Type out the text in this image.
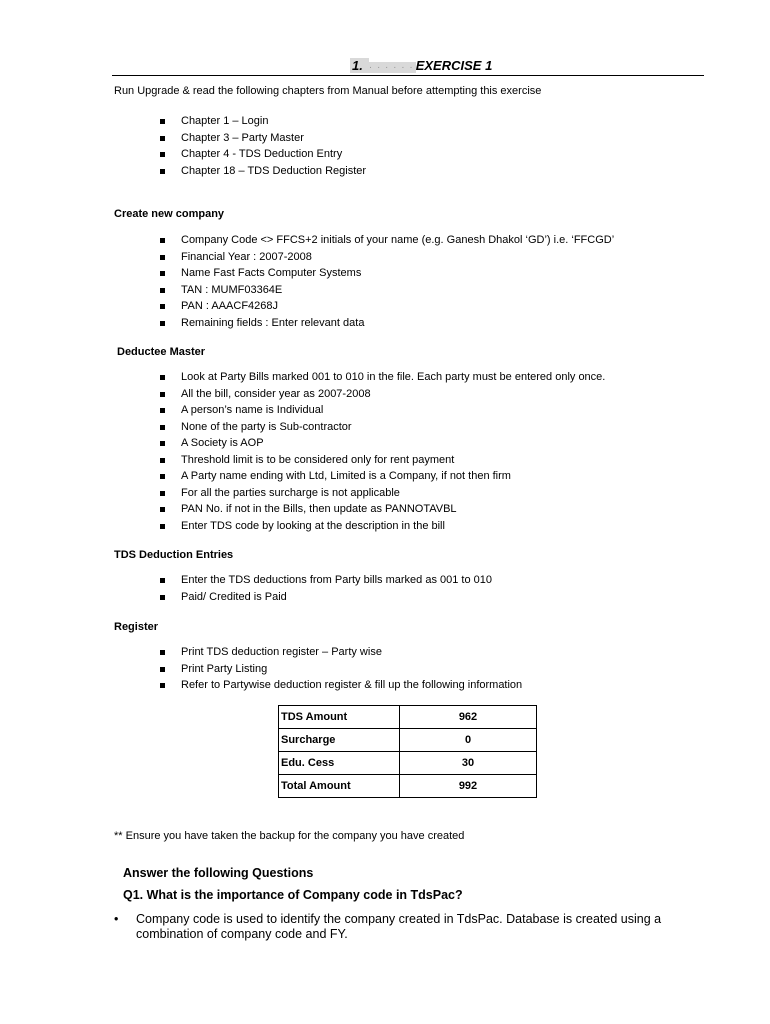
1. · · · · · · EXERCISE 1
Run Upgrade & read the following chapters from Manual before attempting this exercise
Chapter 1 – Login
Chapter 3 – Party Master
Chapter 4 - TDS Deduction Entry
Chapter 18 – TDS Deduction Register
Create new company
Company Code <> FFCS+2 initials of your name (e.g. Ganesh Dhakol ‘GD’) i.e. ‘FFCGD’
Financial Year : 2007-2008
Name Fast Facts Computer Systems
TAN : MUMF03364E
PAN : AAACF4268J
Remaining fields : Enter relevant data
Deductee Master
Look at Party Bills marked 001 to 010 in the file. Each party must be entered only once.
All the bill, consider year as 2007-2008
A person’s name is Individual
None of the party is Sub-contractor
A Society is AOP
Threshold limit is to be considered only for rent payment
A Party name ending with Ltd, Limited is a Company, if not then firm
For all the parties surcharge is not applicable
PAN No. if not in the Bills, then update as PANNOTAVBL
Enter TDS code by looking at the description in the bill
TDS Deduction Entries
Enter the TDS deductions from Party bills marked as 001 to 010
Paid/ Credited is Paid
Register
Print TDS deduction register – Party wise
Print Party Listing
Refer to Partywise deduction register & fill up the following information
TDS Amount	962
Surcharge	0
Edu. Cess	30
Total Amount	992
** Ensure you have taken the backup for the company you have created
Answer the following Questions
Q1. What is the importance of Company code in TdsPac?
• Company code is used to identify the company created in TdsPac. Database is created using a combination of company code and FY.
